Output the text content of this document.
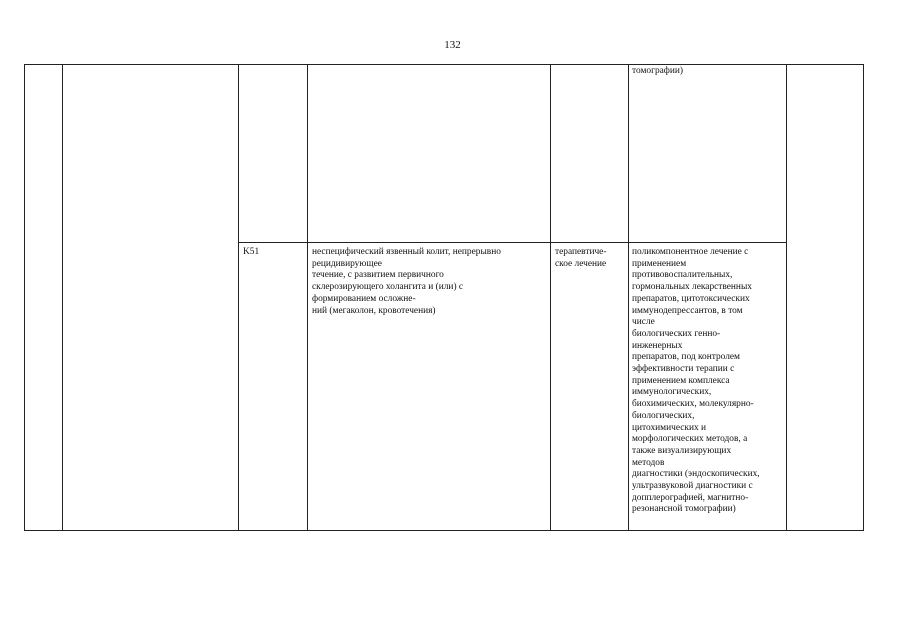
132
томографии)
K51	неспецифический язвенный колит, непрерывно
рецидивирующее
течение, с развитием первичного
склерозирующего холангита и (или) с
формированием осложне-
ний (мегаколон, кровотечения)
терапевтиче-
ское лечение
поликомпонентное лечение с
применением
противовоспалительных,
гормональных лекарственных
препаратов, цитотоксических
иммунодепрессантов, в том
числе
биологических генно-
инженерных
препаратов, под контролем
эффективности терапии с
применением комплекса
иммунологических,
биохимических, молекулярно-
биологических,
цитохимических и
морфологических методов, а
также визуализирующих
методов
диагностики (эндоскопических,
ультразвуковой диагностики с
допплерографией, магнитно-
резонансной томографии)
